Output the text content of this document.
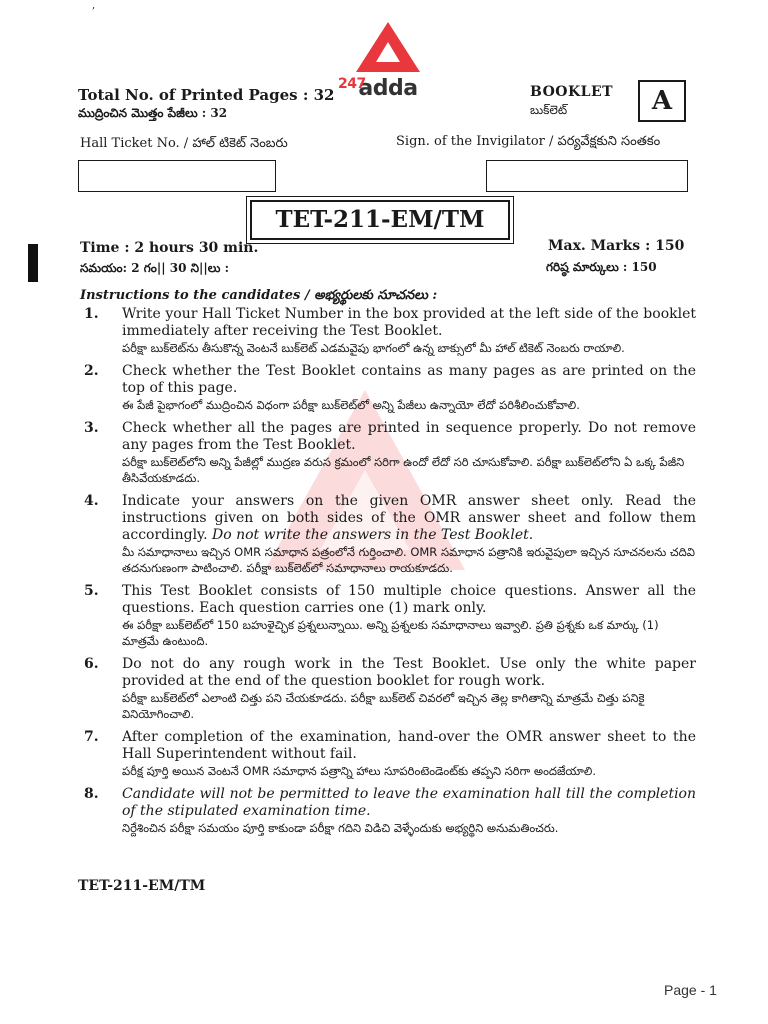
,
adda
247
Total No. of Printed Pages : 32
ముద్రించిన మొత్తం పేజీలు : 32
BOOKLET
బుక్‌లెట్	A
Hall Ticket No. / హాల్ టికెట్ నెంబరు	Sign. of the Invigilator / పర్యవేక్షకుని సంతకం
TET-211-EM/TM
Time : 2 hours 30 min.
సమయం: 2 గం|| 30 ని||లు :
Max. Marks : 150
గరిష్ఠ మార్కులు : 150
Instructions to the candidates / అభ్యర్థులకు సూచనలు :
1. Write your Hall Ticket Number in the box provided at the left side of the booklet immediately after receiving the Test Booklet.
పరీక్షా బుక్‌లెట్‌ను తీసుకొన్న వెంటనే బుక్‌లెట్ ఎడమవైపు భాగంలో ఉన్న బాక్సులో మీ హాల్ టికెట్ నెంబరు రాయాలి.
2. Check whether the Test Booklet contains as many pages as are printed on the top of this page.
ఈ పేజీ పైభాగంలో ముద్రించిన విధంగా పరీక్షా బుక్‌లెట్‌లో అన్ని పేజీలు ఉన్నాయో లేదో పరిశీలించుకోవాలి.
3. Check whether all the pages are printed in sequence properly. Do not remove any pages from the Test Booklet.
పరీక్షా బుక్‌లెట్‌లోని అన్ని పేజీల్లో ముద్రణ వరుస క్రమంలో సరిగా ఉందో లేదో సరి చూసుకోవాలి. పరీక్షా బుక్‌లెట్‌లోని ఏ ఒక్క పేజీని తీసివేయకూడదు.
4. Indicate your answers on the given OMR answer sheet only. Read the instructions given on both sides of the OMR answer sheet and follow them accordingly. Do not write the answers in the Test Booklet.
మీ సమాధానాలు ఇచ్చిన OMR సమాధాన పత్రంలోనే గుర్తించాలి. OMR సమాధాన పత్రానికి ఇరువైపులా ఇచ్చిన సూచనలను చదివి తదనుగుణంగా పాటించాలి. పరీక్షా బుక్‌లెట్‌లో సమాధానాలు రాయకూడదు.
5. This Test Booklet consists of 150 multiple choice questions. Answer all the questions. Each question carries one (1) mark only.
ఈ పరీక్షా బుక్‌లెట్‌లో 150 బహుళైచ్ఛిక ప్రశ్నలున్నాయి. అన్ని ప్రశ్నలకు సమాధానాలు ఇవ్వాలి. ప్రతి ప్రశ్నకు ఒక మార్కు (1) మాత్రమే ఉంటుంది.
6. Do not do any rough work in the Test Booklet. Use only the white paper provided at the end of the question booklet for rough work.
పరీక్షా బుక్‌లెట్‌లో ఎలాంటి చిత్తు పని చేయకూడదు. పరీక్షా బుక్‌లెట్ చివరలో ఇచ్చిన తెల్ల కాగితాన్ని మాత్రమే చిత్తు పనికై వినియోగించాలి.
7. After completion of the examination, hand-over the OMR answer sheet to the Hall Superintendent without fail.
పరీక్ష పూర్తి అయిన వెంటనే OMR సమాధాన పత్రాన్ని హాలు సూపరింటెండెంట్‌కు తప్పని సరిగా అందజేయాలి.
8. Candidate will not be permitted to leave the examination hall till the completion of the stipulated examination time.
నిర్దేశించిన పరీక్షా సమయం పూర్తి కాకుండా పరీక్షా గదిని విడిచి వెళ్ళేందుకు అభ్యర్థిని అనుమతించరు.
TET-211-EM/TM
Page - 1
